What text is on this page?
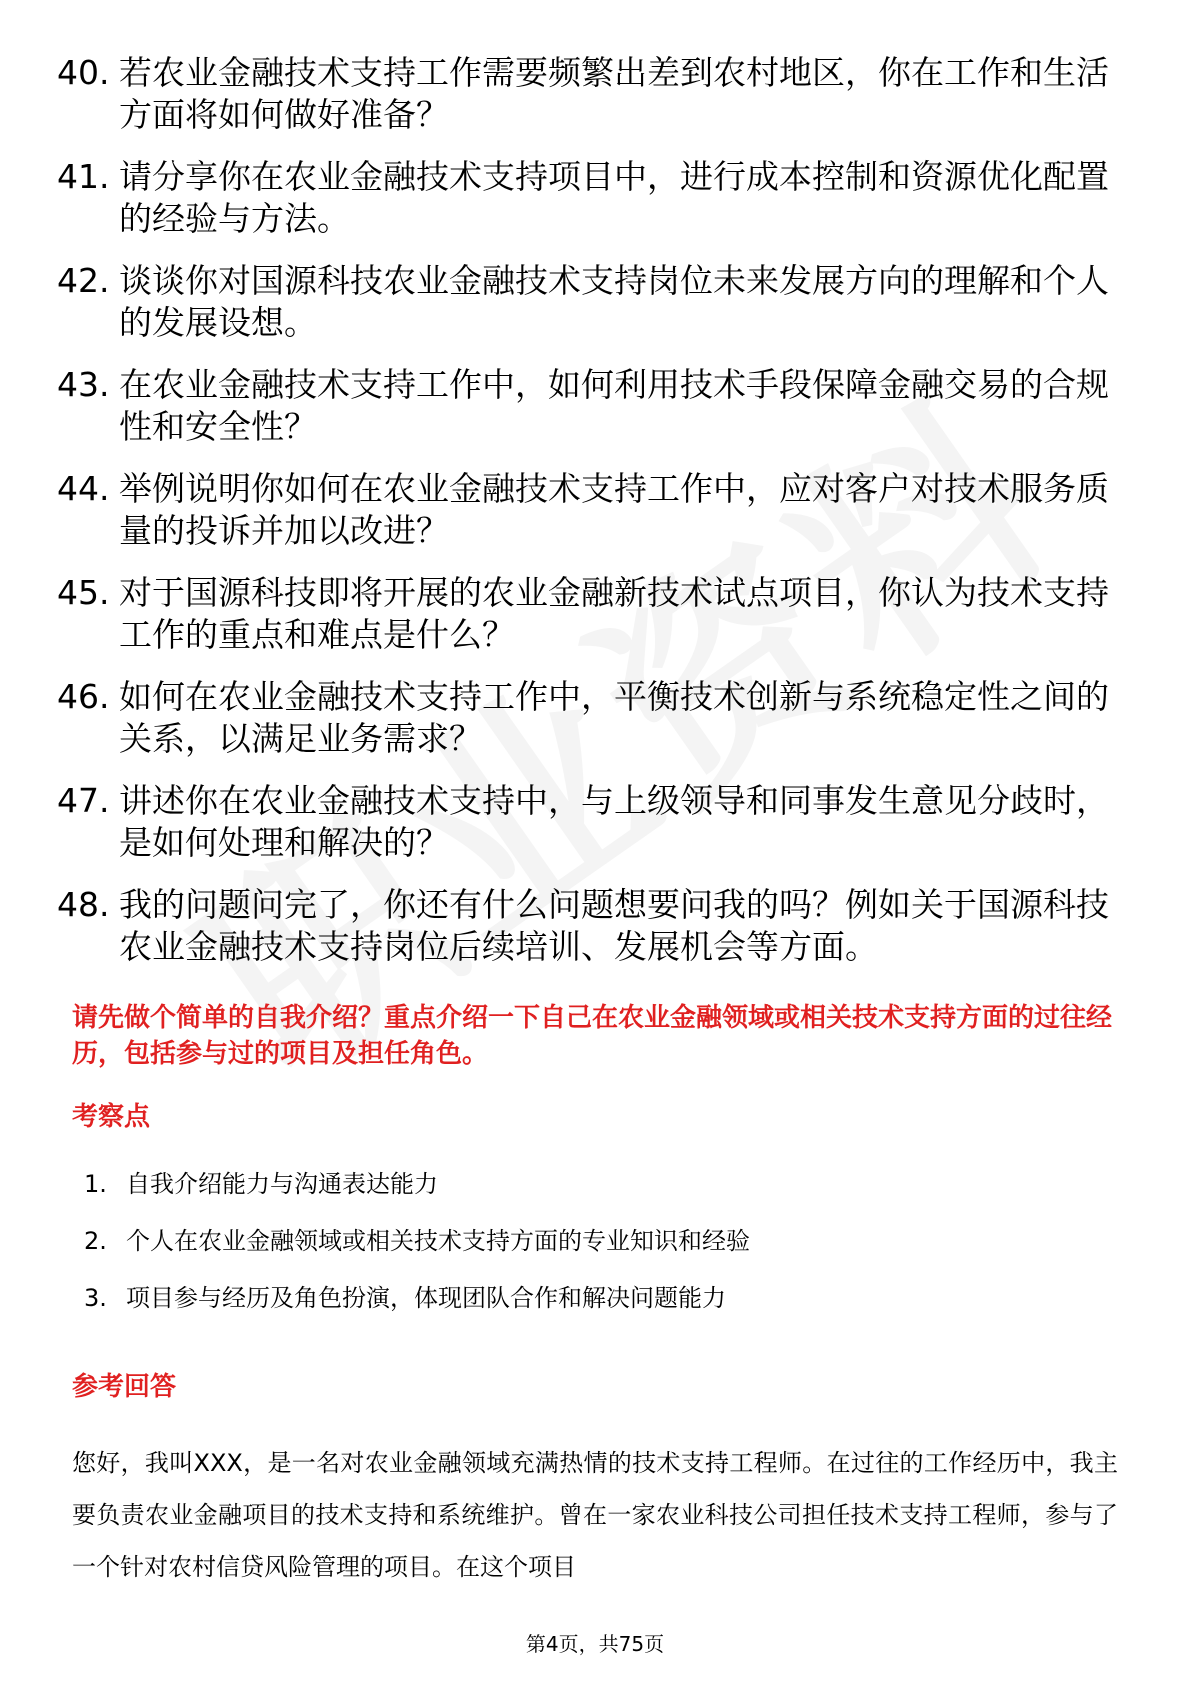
40. 若农业金融技术支持工作需要频繁出差到农村地区，你在工作和生活方面将如何做好准备？
41. 请分享你在农业金融技术支持项目中，进行成本控制和资源优化配置的经验与方法。
42. 谈谈你对国源科技农业金融技术支持岗位未来发展方向的理解和个人的发展设想。
43. 在农业金融技术支持工作中，如何利用技术手段保障金融交易的合规性和安全性？
44. 举例说明你如何在农业金融技术支持工作中，应对客户对技术服务质量的投诉并加以改进？
45. 对于国源科技即将开展的农业金融新技术试点项目，你认为技术支持工作的重点和难点是什么？
46. 如何在农业金融技术支持工作中，平衡技术创新与系统稳定性之间的关系，以满足业务需求？
47. 讲述你在农业金融技术支持中，与上级领导和同事发生意见分歧时，是如何处理和解决的？
48. 我的问题问完了，你还有什么问题想要问我的吗？例如关于国源科技农业金融技术支持岗位后续培训、发展机会等方面。
请先做个简单的自我介绍？重点介绍一下自己在农业金融领域或相关技术支持方面的过往经历，包括参与过的项目及担任角色。
考察点
1. 自我介绍能力与沟通表达能力
2. 个人在农业金融领域或相关技术支持方面的专业知识和经验
3. 项目参与经历及角色扮演，体现团队合作和解决问题能力
参考回答
您好，我叫XXX，是一名对农业金融领域充满热情的技术支持工程师。在过往的工作经历中，我主要负责农业金融项目的技术支持和系统维护。曾在一家农业科技公司担任技术支持工程师，参与了一个针对农村信贷风险管理的项目。在这个项目
第4页，共75页
